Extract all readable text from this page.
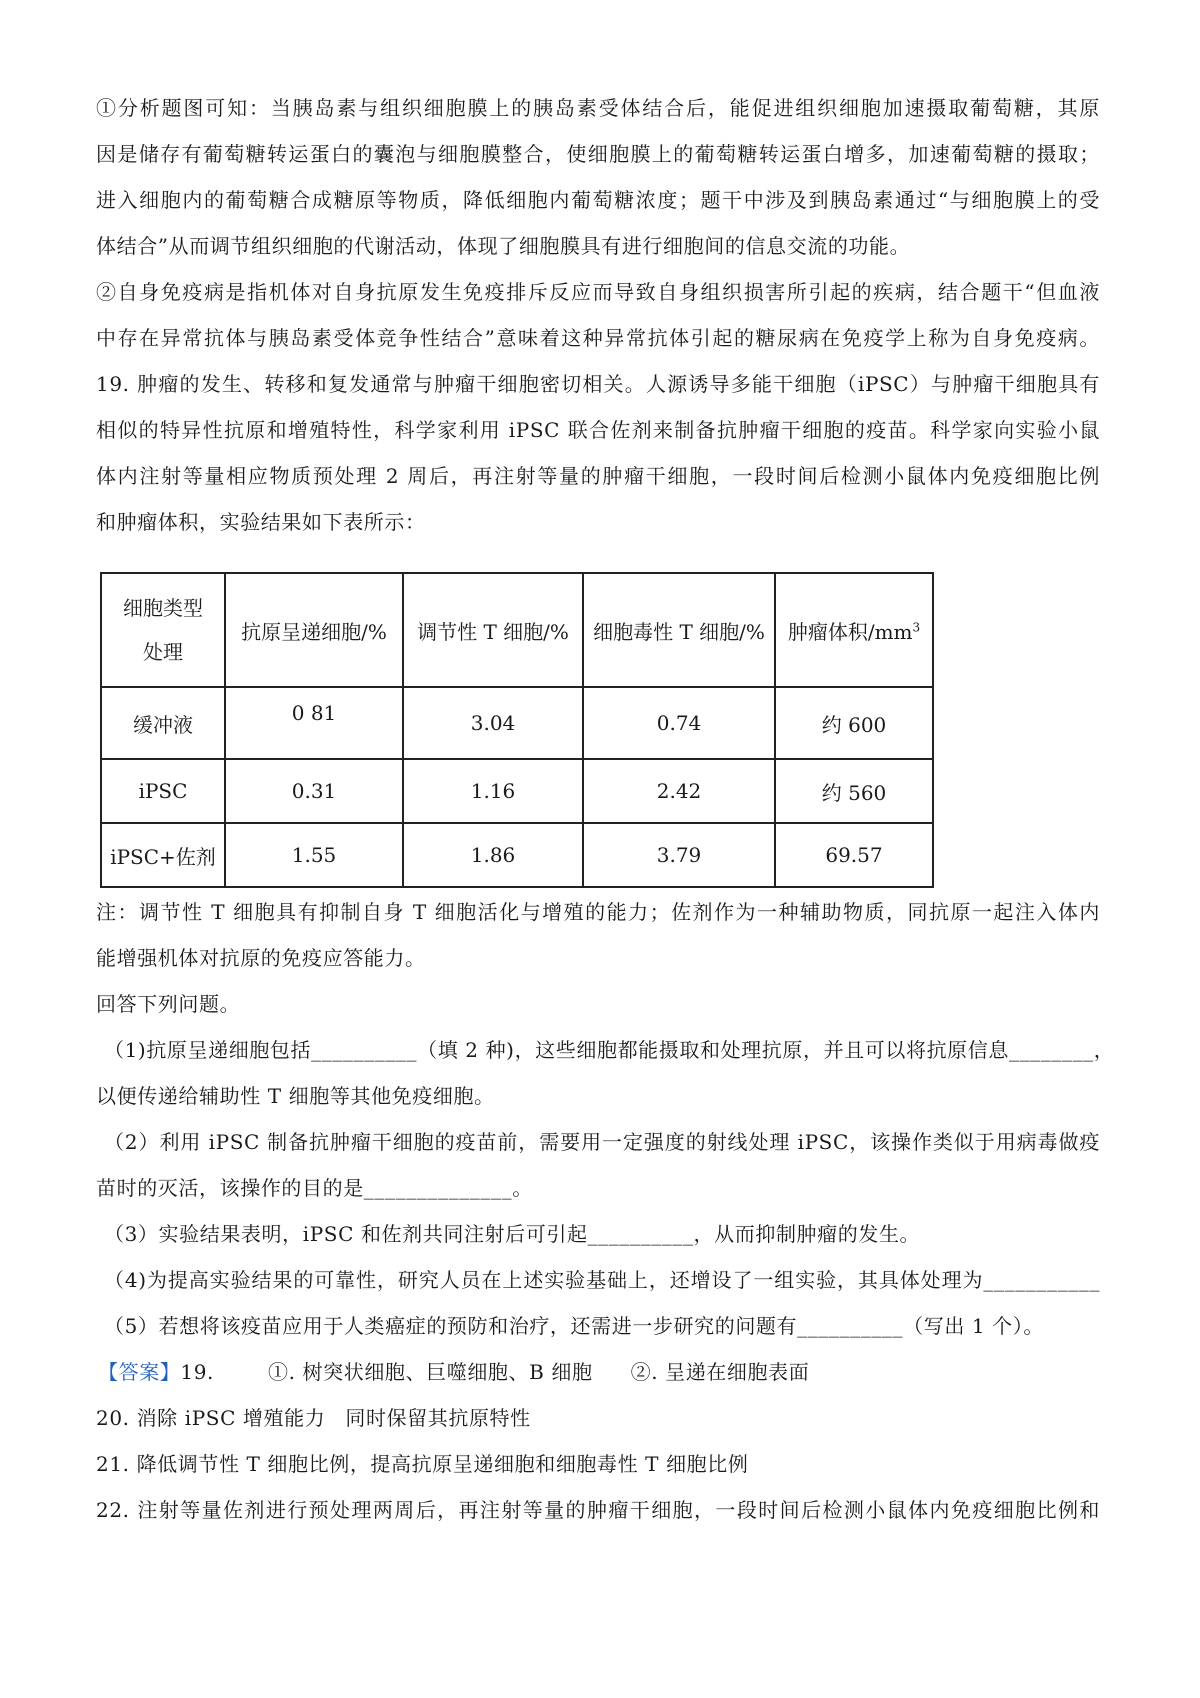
①分析题图可知：当胰岛素与组织细胞膜上的胰岛素受体结合后，能促进组织细胞加速摄取葡萄糖，其原
因是储存有葡萄糖转运蛋白的囊泡与细胞膜整合，使细胞膜上的葡萄糖转运蛋白增多，加速葡萄糖的摄取；
进入细胞内的葡萄糖合成糖原等物质，降低细胞内葡萄糖浓度；题干中涉及到胰岛素通过“与细胞膜上的受
体结合”从而调节组织细胞的代谢活动，体现了细胞膜具有进行细胞间的信息交流的功能。
②自身免疫病是指机体对自身抗原发生免疫排斥反应而导致自身组织损害所引起的疾病，结合题干“但血液
中存在异常抗体与胰岛素受体竞争性结合”意味着这种异常抗体引起的糖尿病在免疫学上称为自身免疫病。
19. 肿瘤的发生、转移和复发通常与肿瘤干细胞密切相关。人源诱导多能干细胞（iPSC）与肿瘤干细胞具有
相似的特异性抗原和增殖特性，科学家利用 iPSC 联合佐剂来制备抗肿瘤干细胞的疫苗。科学家向实验小鼠
体内注射等量相应物质预处理 2 周后，再注射等量的肿瘤干细胞，一段时间后检测小鼠体内免疫细胞比例
和肿瘤体积，实验结果如下表所示：
细胞类型
处理	抗原呈递细胞/%	调节性 T 细胞/%	细胞毒性 T 细胞/%	肿瘤体积$/mm^3$
缓冲液	0 81	3.04	0.74	约 600
iPSC	0.31	1.16	2.42	约 560
iPSC+佐剂	1.55	1.86	3.79	69.57
注：调节性 T 细胞具有抑制自身 T 细胞活化与增殖的能力；佐剂作为一种辅助物质，同抗原一起注入体内
能增强机体对抗原的免疫应答能力。
回答下列问题。
（1)抗原呈递细胞包括__________（填 2 种)，这些细胞都能摄取和处理抗原，并且可以将抗原信息________，
以便传递给辅助性 T 细胞等其他免疫细胞。
（2）利用 iPSC 制备抗肿瘤干细胞的疫苗前，需要用一定强度的射线处理 iPSC，该操作类似于用病毒做疫
苗时的灭活，该操作的目的是______________。
（3）实验结果表明，iPSC 和佐剂共同注射后可引起__________，从而抑制肿瘤的发生。
（4)为提高实验结果的可靠性，研究人员在上述实验基础上，还增设了一组实验，其具体处理为___________
（5）若想将该疫苗应用于人类癌症的预防和治疗，还需进一步研究的问题有__________（写出 1 个）。
【答案】19.	①. 树突状细胞、巨噬细胞、B 细胞 ②. 呈递在细胞表面
20. 消除 iPSC 增殖能力 同时保留其抗原特性
21. 降低调节性 T 细胞比例，提高抗原呈递细胞和细胞毒性 T 细胞比例
22. 注射等量佐剂进行预处理两周后，再注射等量的肿瘤干细胞，一段时间后检测小鼠体内免疫细胞比例和
